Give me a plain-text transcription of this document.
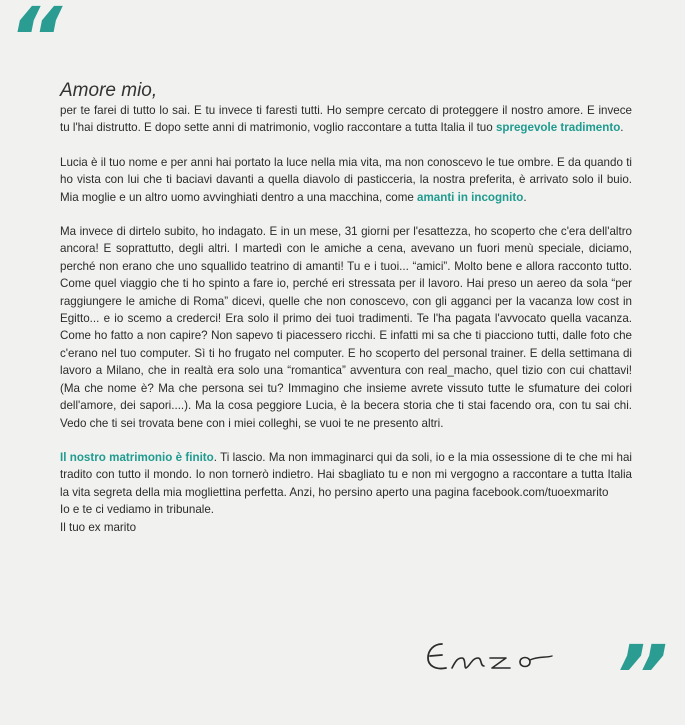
“
Amore mio,

per te farei di tutto lo sai. E tu invece ti faresti tutti. Ho sempre cercato di proteggere il nostro amore. E invece tu l'hai distrutto. E dopo sette anni di matrimonio, voglio raccontare a tutta Italia il tuo spregevole tradimento.

Lucia è il tuo nome e per anni hai portato la luce nella mia vita, ma non conoscevo le tue ombre. E da quando ti ho vista con lui che ti baciavi davanti a quella diavolo di pasticceria, la nostra preferita, è arrivato solo il buio. Mia moglie e un altro uomo avvinghiati dentro a una macchina, come amanti in incognito.

Ma invece di dirtelo subito, ho indagato. E in un mese, 31 giorni per l'esattezza, ho scoperto che c'era dell'altro ancora! E soprattutto, degli altri. I martedì con le amiche a cena, avevano un fuori menù speciale, diciamo, perché non erano che uno squallido teatrino di amanti! Tu e i tuoi... “amici”. Molto bene e allora racconto tutto. Come quel viaggio che ti ho spinto a fare io, perché eri stressata per il lavoro. Hai preso un aereo da sola “per raggiungere le amiche di Roma” dicevi, quelle che non conoscevo, con gli agganci per la vacanza low cost in Egitto... e io scemo a crederci! Era solo il primo dei tuoi tradimenti. Te l'ha pagata l'avvocato quella vacanza. Come ho fatto a non capire? Non sapevo ti piacessero ricchi. E infatti mi sa che ti piacciono tutti, dalle foto che c'erano nel tuo computer. Sì ti ho frugato nel computer. E ho scoperto del personal trainer. E della settimana di lavoro a Milano, che in realtà era solo una “romantica” avventura con real_macho, quel tizio con cui chattavi! (Ma che nome è? Ma che persona sei tu? Immagino che insieme avrete vissuto tutte le sfumature dei colori dell'amore, dei sapori....). Ma la cosa peggiore Lucia, è la becera storia che ti stai facendo ora, con tu sai chi. Vedo che ti sei trovata bene con i miei colleghi, se vuoi te ne presento altri.

Il nostro matrimonio è finito. Ti lascio. Ma non immaginarci qui da soli, io e la mia ossessione di te che mi hai tradito con tutto il mondo. Io non tornerò indietro. Hai sbagliato tu e non mi vergogno a raccontare a tutta Italia la vita segreta della mia mogliettina perfetta. Anzi, ho persino aperto una pagina facebook.com/tuoexmarito

Io e te ci vediamo in tribunale.
Il tuo ex marito
”
